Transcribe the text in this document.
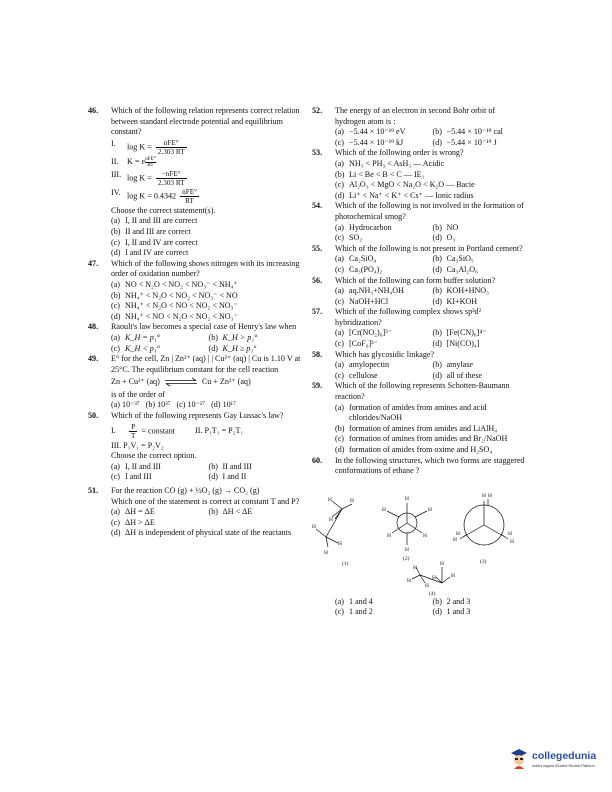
46. Which of the following relation represents correct relation between standard electrode potential and equilibrium constant?
I. $\log K = \frac{\text{nFE°}}{2.303 RT}$
II. K = e $\frac{\text{nFE°}}{RT}$
III. $\log K = \frac{\text{−nFE°}}{2.303 RT}$
IV. $\log K = 0.4342 \frac{\text{nFE°}}{RT}$
Choose the correct statement(s).
(a) I, II and III are correct
(b) II and III are correct
(c) I, II and IV are correct
(d) I and IV are correct
47. Which of the following shows nitrogen with its increasing order of oxidation number?
(a) NO < N₂O < NO₂ < NO₃⁻ < NH₄⁺
(b) NH₄⁺ < N₂O < NO₂ < NO₃⁻ < NO
(c) NH₄⁺ < N₂O < NO < NO₂ < NO₃⁻
(d) NH₄⁺ < NO < N₂O < NO₂ < NO₃⁻
48. Raoult's law becomes a special case of Henry's law when
(a) K_H = p₁°	(b) K_H > p₁°
(c) K_H < p₁°	(d) K_H ≥ p₁°
49. E° for the cell, Zn | Zn²⁺ (aq) | | Cu²⁺ (aq) | Cu is 1.10 V at 25°C. The equilibrium constant for the cell reaction
Zn + Cu²⁺ (aq)	Cu + Zn²⁺ (aq)
is of the order of
(a) 10⁻³⁷ (b) 10³⁷ (c) 10⁻¹⁷ (d) 10¹⁷
50. Which of the following represents Gay Lussac's law?
I. $\frac{P}{T}$ = constant II. P₁T₁ = P₂T₁
III. P₁V₁ = P₂V₂
Choose the correct option.
(a) I, II and III	(b) II and III
(c) I and III	(d) I and II
51. For the reaction CO (g) + ½O₂ (g) → CO₂ (g)
Which one of the statement is correct at constant T and P?
(a) ΔH = ΔE	(b) ΔH < ΔE
(c) ΔH > ΔE
(d) ΔH is independent of physical state of the reactants
52. The energy of an electron in second Bohr orbit of hydrogen atom is :
(a) −5.44 × 10⁻¹⁹ eV	(b) −5.44 × 10⁻¹⁹ cal
(c) −5.44 × 10⁻¹⁹ kJ	(d) −5.44 × 10⁻¹⁹ J
53. Which of the following order is wrong?
(a) NH₃ < PH₃ < AsH₃ — Acidic
(b) Li < Be < B < C — IE₁
(c) Al₂O₃ < MgO < Na₂O < K₂O — Bacie
(d) Li⁺ < Na⁺ < K⁺ < Cs⁺ — Ionic radius
54. Which of the following is not involved in the formation of photochemical smog?
(a) Hydrocarbon	(b) NO
(c) SO₂	(d) O₃
55. Which of the following is not present in Portland cement?
(a) Ca₂SiO₄	(b) Ca₃SiO₅
(c) Ca₃(PO₄)₂	(d) Ca₃Al₂O₆
56. Which of the following can form buffer solution?
(a) aq.NH₃+NH₄OH	(b) KOH+HNO₃
(c) NaOH+HCl	(d) KI+KOH
57. Which of the following complex shows sp³d² hybridization?
(a) [Cr(NO₂)₆]³⁻	(b) [Fe(CN)₆]⁴⁻
(c) [CoF₆]³⁻	(d) [Ni(CO)₄]
58. Which has glycosidic linkage?
(a) amylopectin	(b) amylase
(c) cellulose	(d) all of these
59. Which of the following represents Schotten-Baumann reaction?
(a) formation of amides from amines and acid chlorides/NaOH
(b) formation of amines from amides and LiAlH₄
(c) formation of amines from amides and Br₂/NaOH
(d) formation of amides from oxime and H₂SO₄
60. In the following structures, which two forms are staggered conformations of ethane ?
H	H
H
H
H
H
(1)
H
H	H
H	H
H
(2)
H H
H
H	H
H
(3)
H
H
H
H
H	H
(4)
(a) 1 and 4	(b) 2 and 3
(c) 1 and 2	(d) 1 and 3
collegedunia
India's largest Student Review Platform
